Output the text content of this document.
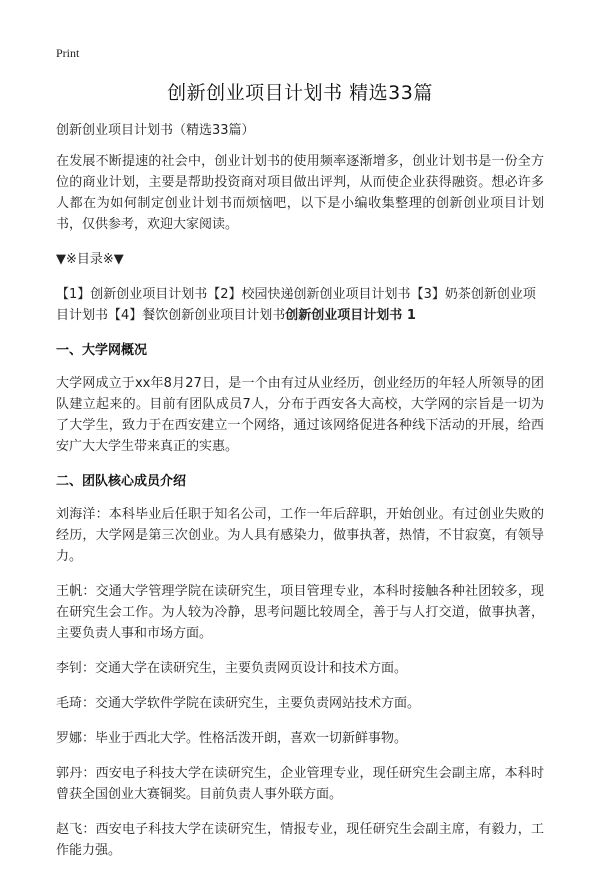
Print
创新创业项目计划书 精选33篇

创新创业项目计划书（精选33篇）

在发展不断提速的社会中，创业计划书的使用频率逐渐增多，创业计划书是一份全方位的商业计划，主要是帮助投资商对项目做出评判，从而使企业获得融资。想必许多人都在为如何制定创业计划书而烦恼吧，以下是小编收集整理的创新创业项目计划书，仅供参考，欢迎大家阅读。

▼※目录※▼

【1】创新创业项目计划书【2】校园快递创新创业项目计划书【3】奶茶创新创业项目计划书【4】餐饮创新创业项目计划书创新创业项目计划书 1

一、大学网概况

大学网成立于xx年8月27日，是一个由有过从业经历，创业经历的年轻人所领导的团队建立起来的。目前有团队成员7人，分布于西安各大高校，大学网的宗旨是一切为了大学生，致力于在西安建立一个网络，通过该网络促进各种线下活动的开展，给西安广大大学生带来真正的实惠。

二、团队核心成员介绍

刘海洋：本科毕业后任职于知名公司，工作一年后辞职，开始创业。有过创业失败的经历，大学网是第三次创业。为人具有感染力，做事执著，热情，不甘寂寞，有领导力。

王帆：交通大学管理学院在读研究生，项目管理专业，本科时接触各种社团较多，现在研究生会工作。为人较为冷静，思考问题比较周全，善于与人打交道，做事执著，主要负责人事和市场方面。

李钊：交通大学在读研究生，主要负责网页设计和技术方面。

毛琦：交通大学软件学院在读研究生，主要负责网站技术方面。

罗娜：毕业于西北大学。性格活泼开朗，喜欢一切新鲜事物。

郭丹：西安电子科技大学在读研究生，企业管理专业，现任研究生会副主席，本科时曾获全国创业大赛铜奖。目前负责人事外联方面。

赵飞：西安电子科技大学在读研究生，情报专业，现任研究生会副主席，有毅力，工作能力强。
